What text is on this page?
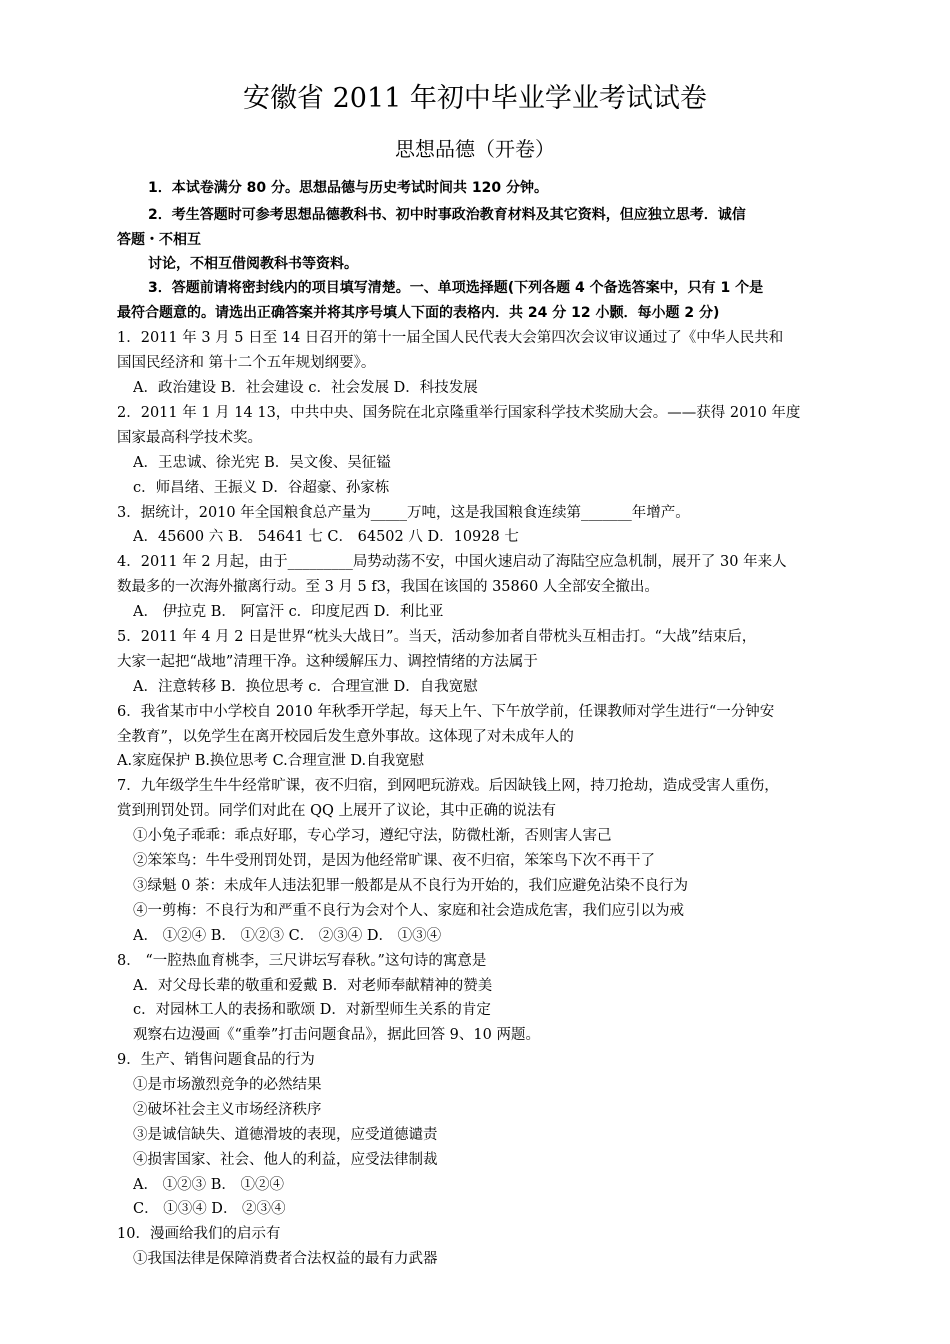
安徽省 2011 年初中毕业学业考试试卷
思想品德（开卷）
1．本试卷满分 80 分。思想品德与历史考试时间共 120 分钟。
2．考生答题时可参考思想品德教科书、初中时事政治教育材料及其它资料，但应独立思考．诚信
答题・不相互
讨论，不相互借阅教科书等资料。
3．答题前请将密封线内的项目填写清楚。一、单项选择题(下列各题 4 个备选答案中，只有 1 个是
最符合题意的。请选出正确答案并将其序号填人下面的表格内．共 24 分 12 小颢．每小题 2 分)
1．2011 年 3 月 5 日至 14 日召开的第十一届全国人民代表大会第四次会议审议通过了《中华人民共和
国国民经济和 第十二个五年规划纲要》。
A．政治建设 B．社会建设 c．社会发展 D．科技发展
2．2011 年 1 月 14 13，中共中央、国务院在北京隆重举行国家科学技术奖励大会。——获得 2010 年度
国家最高科学技术奖。
A．王忠诚、徐光宪 B．吴文俊、吴征镒
c．师昌绪、王振义 D．谷超豪、孙家栋
3．据统计，2010 年全国粮食总产量为_____万吨，这是我国粮食连续第_______年增产。
A．45600 六 B． 54641 七 C． 64502 八 D．10928 七
4．2011 年 2 月起，由于_________局势动荡不安，中国火速启动了海陆空应急机制，展开了 30 年来人
数最多的一次海外撤离行动。至 3 月 5 f3，我国在该国的 35860 人全部安全撤出。
A． 伊拉克 B． 阿富汗 c．印度尼西 D．利比亚
5．2011 年 4 月 2 日是世界“枕头大战日”。当天，活动参加者自带枕头互相击打。“大战”结束后，
大家一起把“战地”清理干净。这种缓解压力、调控情绪的方法属于
A．注意转移 B．换位思考 c．合理宣泄 D．自我宽慰
6．我省某市中小学校自 2010 年秋季开学起，每天上午、下午放学前，任课教师对学生进行“一分钟安
全教育”，以免学生在离开校园后发生意外事故。这体现了对未成年人的
A.家庭保护 B.换位思考 C.合理宣泄 D.自我宽慰
7．九年级学生牛牛经常旷课，夜不归宿，到网吧玩游戏。后因缺钱上网，持刀抢劫，造成受害人重伤，
赏到刑罚处罚。同学们对此在 QQ 上展开了议论，其中正确的说法有
①小兔子乖乖：乖点好耶，专心学习，遵纪守法，防微杜渐，否则害人害己
②笨笨鸟：牛牛受刑罚处罚，是因为他经常旷课、夜不归宿，笨笨鸟下次不再干了
③绿魁 0 茶：未成年人违法犯罪一般都是从不良行为开始的，我们应避免沾染不良行为
④一剪梅：不良行为和严重不良行为会对个人、家庭和社会造成危害，我们应引以为戒
A． ①②④ B． ①②③ C． ②③④ D． ①③④
8． “一腔热血育桃李，三尺讲坛写春秋。”这句诗的寓意是
A．对父母长辈的敬重和爱戴 B．对老师奉献精神的赞美
c．对园林工人的表扬和歌颂 D．对新型师生关系的肯定
观察右边漫画《“重拳”打击问题食品》，据此回答 9、10 两题。
9．生产、销售问题食品的行为
①是市场激烈竞争的必然结果
②破坏社会主义市场经济秩序
③是诚信缺失、道德滑坡的表现，应受道德谴责
④损害国家、社会、他人的利益，应受法律制裁
A． ①②③ B． ①②④
C． ①③④ D． ②③④
10．漫画给我们的启示有
①我国法律是保障消费者合法权益的最有力武器
